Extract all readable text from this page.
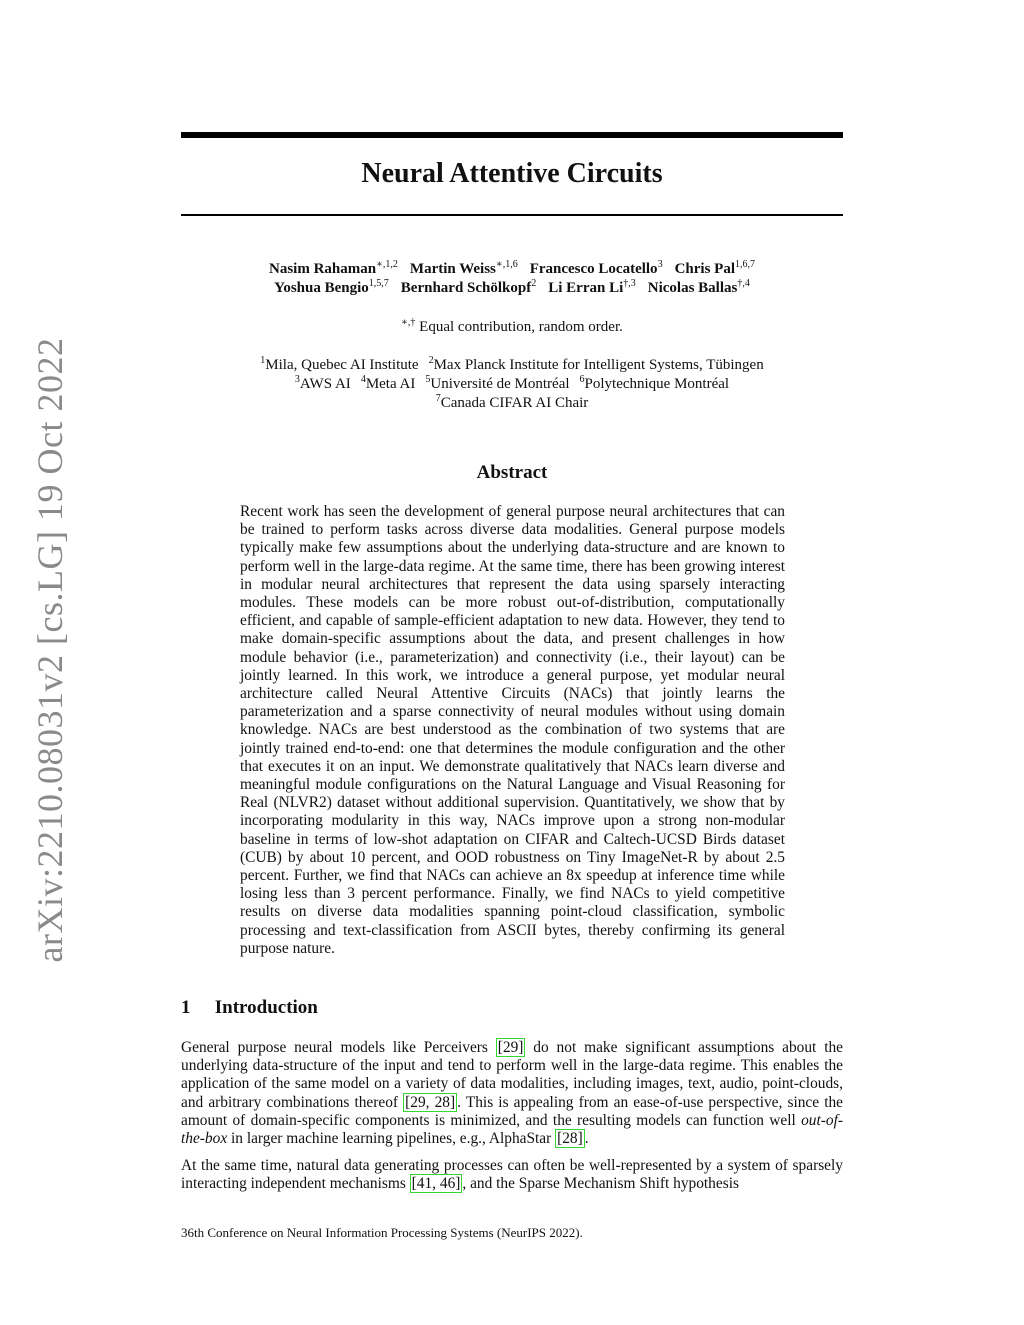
arXiv:2210.08031v2 [cs.LG] 19 Oct 2022
Neural Attentive Circuits
Nasim Rahaman$^{∗,1,2}$ Martin Weiss$^{∗,1,6}$ Francesco Locatello$^3$ Chris Pal$^{1,6,7}$
Yoshua Bengio$^{1,5,7}$ Bernhard Schölkopf$^2$ Li Erran $Li^{\dagger,3}$ Nicolas Ballas$^{\dagger,4}$
∗,† Equal contribution, random order.
$^1$Mila, Quebec AI Institute $^2$Max Planck Institute for Intelligent Systems, Tübingen
$^3$AWS AI $^4$Meta AI $^5$Université de Montréal $^6$Polytechnique Montréal
$^7$Canada CIFAR AI Chair
Abstract
Recent work has seen the development of general purpose neural architectures that can be trained to perform tasks across diverse data modalities. General purpose models typically make few assumptions about the underlying data-structure and are known to perform well in the large-data regime. At the same time, there has been growing interest in modular neural architectures that represent the data using sparsely interacting modules. These models can be more robust out-of-distribution, computationally efficient, and capable of sample-efficient adaptation to new data. However, they tend to make domain-specific assumptions about the data, and present challenges in how module behavior (i.e., parameterization) and connectivity (i.e., their layout) can be jointly learned. In this work, we introduce a general purpose, yet modular neural architecture called Neural Attentive Circuits (NACs) that jointly learns the parameterization and a sparse connectivity of neural modules without using domain knowledge. NACs are best understood as the combination of two systems that are jointly trained end-to-end: one that determines the module configuration and the other that executes it on an input. We demonstrate qualitatively that NACs learn diverse and meaningful module configurations on the Natural Language and Visual Reasoning for Real (NLVR2) dataset without additional supervision. Quantitatively, we show that by incorporating modularity in this way, NACs improve upon a strong non-modular baseline in terms of low-shot adaptation on CIFAR and Caltech-UCSD Birds dataset (CUB) by about 10 percent, and OOD robustness on Tiny ImageNet-R by about 2.5 percent. Further, we find that NACs can achieve an 8x speedup at inference time while losing less than 3 percent performance. Finally, we find NACs to yield competitive results on diverse data modalities spanning point-cloud classification, symbolic processing and text-classification from ASCII bytes, thereby confirming its general purpose nature.
1 Introduction

General purpose neural models like Perceivers [29] do not make significant assumptions about the underlying data-structure of the input and tend to perform well in the large-data regime. This enables the application of the same model on a variety of data modalities, including images, text, audio, point-clouds, and arbitrary combinations thereof [29, 28] . This is appealing from an ease-of-use perspective, since the amount of domain-specific components is minimized, and the resulting models can function well out-of-the-box in larger machine learning pipelines, e.g., AlphaStar [28] .

At the same time, natural data generating processes can often be well-represented by a system of sparsely interacting independent mechanisms [41, 46] , and the Sparse Mechanism Shift hypothesis

36th Conference on Neural Information Processing Systems (NeurIPS 2022).
